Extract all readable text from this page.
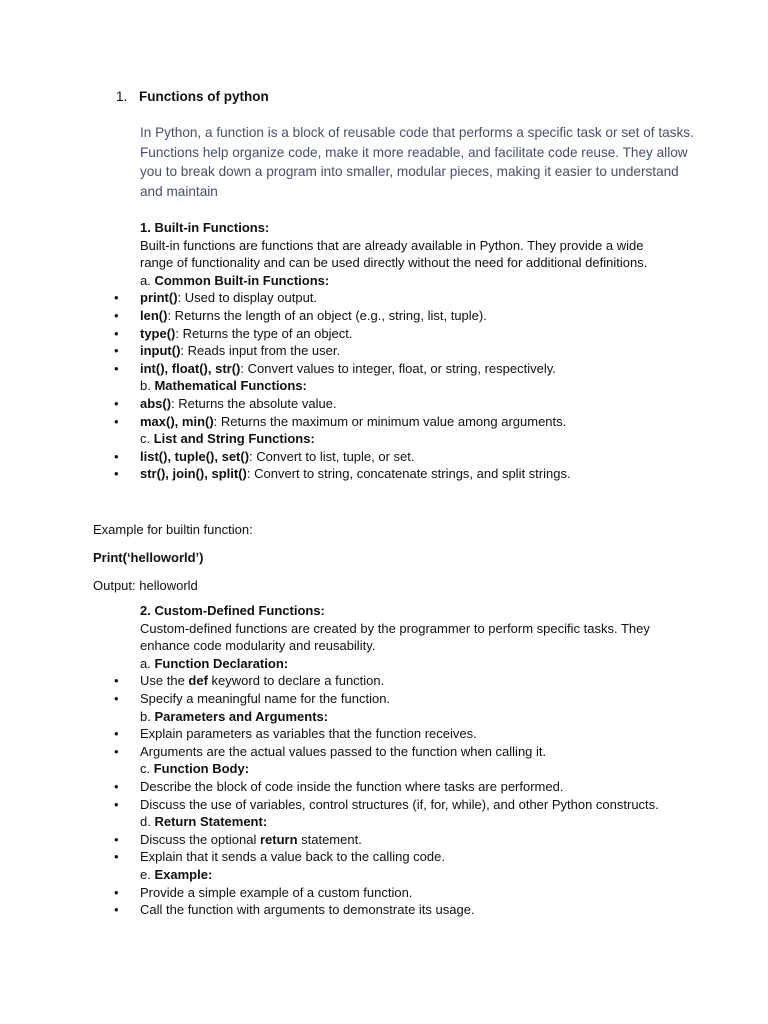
1. Functions of python

In Python, a function is a block of reusable code that performs a specific task or set of tasks. Functions help organize code, make it more readable, and facilitate code reuse. They allow you to break down a program into smaller, modular pieces, making it easier to understand and maintain

1. Built-in Functions:
Built-in functions are functions that are already available in Python. They provide a wide
range of functionality and can be used directly without the need for additional definitions.
a. Common Built-in Functions:
• print(): Used to display output.
• len(): Returns the length of an object (e.g., string, list, tuple).
• type(): Returns the type of an object.
• input(): Reads input from the user.
• int(), float(), str(): Convert values to integer, float, or string, respectively.
b. Mathematical Functions:
• abs(): Returns the absolute value.
• max(), min(): Returns the maximum or minimum value among arguments.
c. List and String Functions:
• list(), tuple(), set(): Convert to list, tuple, or set.
• str(), join(), split(): Convert to string, concatenate strings, and split strings.
Example for builtin function:
Print(‘helloworld’)
Output: helloworld
2. Custom-Defined Functions:
Custom-defined functions are created by the programmer to perform specific tasks. They
enhance code modularity and reusability.
a. Function Declaration:
• Use the def keyword to declare a function.
• Specify a meaningful name for the function.
b. Parameters and Arguments:
• Explain parameters as variables that the function receives.
• Arguments are the actual values passed to the function when calling it.
c. Function Body:
• Describe the block of code inside the function where tasks are performed.
• Discuss the use of variables, control structures (if, for, while), and other Python constructs.
d. Return Statement:
• Discuss the optional return statement.
• Explain that it sends a value back to the calling code.
e. Example:
• Provide a simple example of a custom function.
• Call the function with arguments to demonstrate its usage.
